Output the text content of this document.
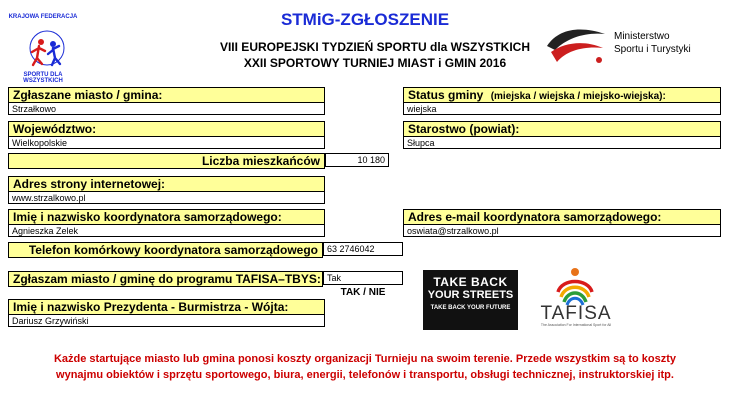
STMiG-ZGŁOSZENIE
VIII EUROPEJSKI TYDZIEŃ SPORTU dla WSZYSTKICH
XXII SPORTOWY TURNIEJ MIAST i GMIN 2016
KRAJOWA FEDERACJA
SPORTU DLA WSZYSTKICH
Ministerstwo
Sportu i Turystyki
Zgłaszane miasto / gmina:
Strzałkowo
Status gminy (miejska / wiejska / miejsko-wiejska):
wiejska
Województwo:
Wielkopolskie
Starostwo (powiat):
Słupca
Liczba mieszkańców	10 180
Adres strony internetowej:
www.strzalkowo.pl
Imię i nazwisko koordynatora samorządowego:
Agnieszka Zelek
Adres e-mail koordynatora samorządowego:
oswiata@strzalkowo.pl
Telefon komórkowy koordynatora samorządowego	63 2746042
Zgłaszam miasto / gminę do programu TAFISA–TBYS: Tak
TAK / NIE
Imię i nazwisko Prezydenta - Burmistrza - Wójta:
Dariusz Grzywiński
TAKE BACK
YOUR STREETS
TAKE BACK YOUR FUTURE	TAFISA
The Association For International Sport for All
Każde startujące miasto lub gmina ponosi koszty organizacji Turnieju na swoim terenie. Przede wszystkim są to koszty
wynajmu obiektów i sprzętu sportowego, biura, energii, telefonów i transportu, obsługi technicznej, instruktorskiej itp.
